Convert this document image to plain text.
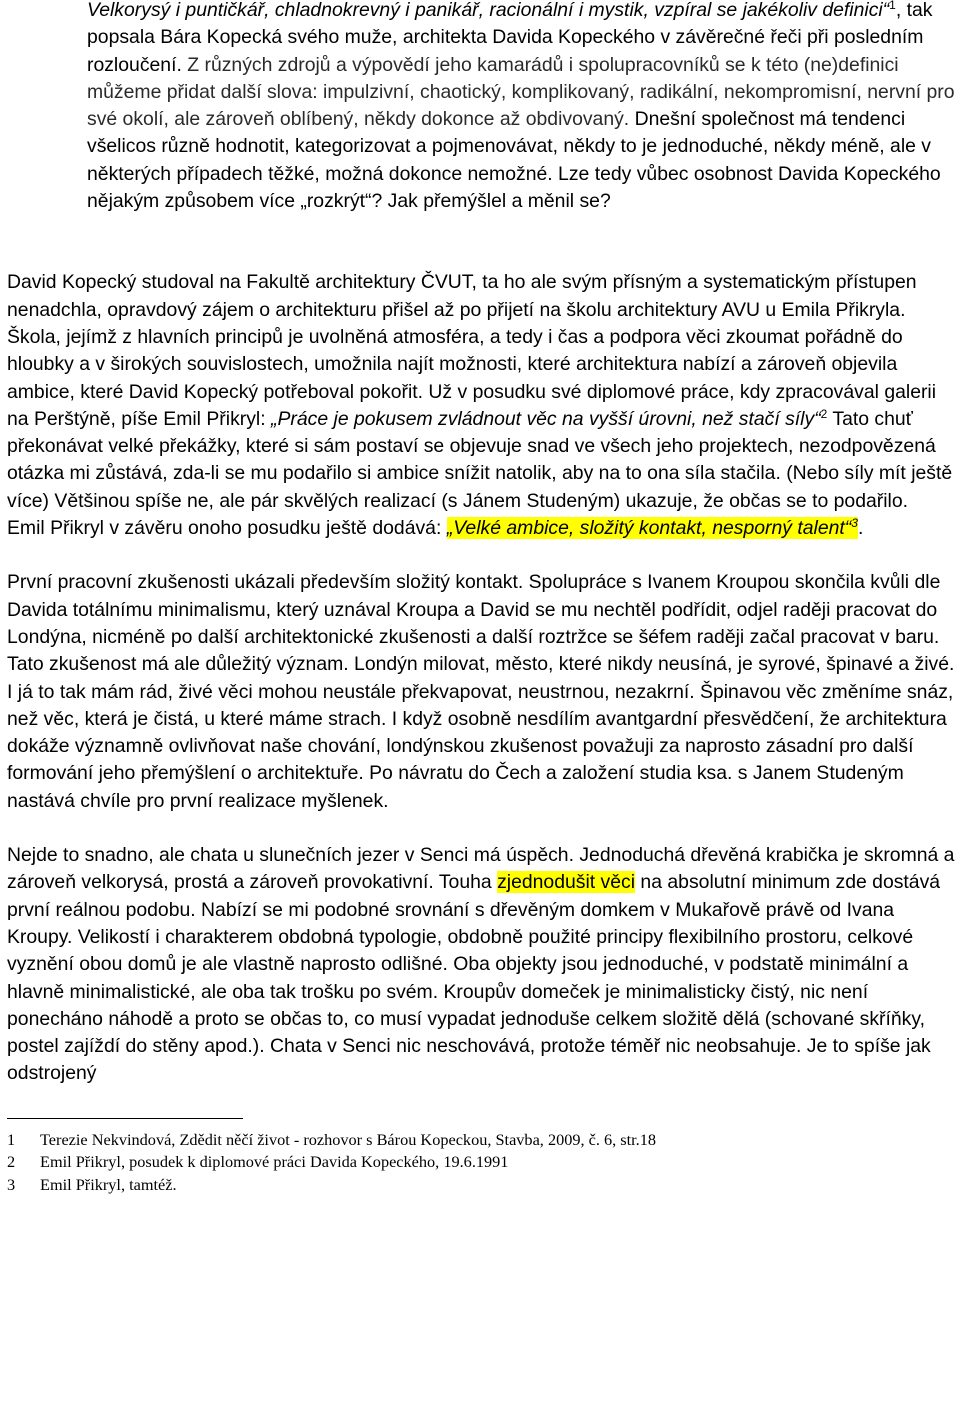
Velkorysý i puntičkář, chladnokrevný i panikář, racionální i mystik, vzpíral se jakékoliv definici“$^1$, tak popsala Bára Kopecká svého muže, architekta Davida Kopeckého v závěrečné řeči při posledním rozloučení. Z různých zdrojů a výpovědí jeho kamarádů i spolupracovníků se k této (ne)definici můžeme přidat další slova: impulzivní, chaotický, komplikovaný, radikální, nekompromisní, nervní pro své okolí, ale zároveň oblíbený, někdy dokonce až obdivovaný. Dnešní společnost má tendenci všelicos různě hodnotit, kategorizovat a pojmenovávat, někdy to je jednoduché, někdy méně, ale v některých případech těžké, možná dokonce nemožné. Lze tedy vůbec osobnost Davida Kopeckého nějakým způsobem více „rozkrýt“? Jak přemýšlel a měnil se?

David Kopecký studoval na Fakultě architektury ČVUT, ta ho ale svým přísným a systematickým přístupen nenadchla, opravdový zájem o architekturu přišel až po přijetí na školu architektury AVU u Emila Přikryla. Škola, jejímž z hlavních principů je uvolněná atmosféra, a tedy i čas a podpora věci zkoumat pořádně do hloubky a v širokých souvislostech, umožnila najít možnosti, které architektura nabízí a zároveň objevila ambice, které David Kopecký potřeboval pokořit. Už v posudku své diplomové práce, kdy zpracovával galerii na Perštýně, píše Emil Přikryl: „Práce je pokusem zvládnout věc na vyšší úrovni, než stačí síly“$^2$ Tato chuť překonávat velké překážky, které si sám postaví se objevuje snad ve všech jeho projektech, nezodpovězená otázka mi zůstává, zda-li se mu podařilo si ambice snížit natolik, aby na to ona síla stačila. (Nebo síly mít ještě více) Většinou spíše ne, ale pár skvělých realizací (s Jánem Studeným) ukazuje, že občas se to podařilo.

Emil Přikryl v závěru onoho posudku ještě dodává: „Velké ambice, složitý kontakt, nesporný talent“$^3$.

První pracovní zkušenosti ukázali především složitý kontakt. Spolupráce s Ivanem Kroupou skončila kvůli dle Davida totálnímu minimalismu, který uznával Kroupa a David se mu nechtěl podřídit, odjel raději pracovat do Londýna, nicméně po další architektonické zkušenosti a další roztržce se šéfem raději začal pracovat v baru. Tato zkušenost má ale důležitý význam. Londýn milovat, město, které nikdy neusíná, je syrové, špinavé a živé. I já to tak mám rád, živé věci mohou neustále překvapovat, neustrnou, nezakrní. Špinavou věc změníme snáz, než věc, která je čistá, u které máme strach. I když osobně nesdílím avantgardní přesvědčení, že architektura dokáže významně ovlivňovat naše chování, londýnskou zkušenost považuji za naprosto zásadní pro další formování jeho přemýšlení o architektuře. Po návratu do Čech a založení studia ksa. s Janem Studeným nastává chvíle pro první realizace myšlenek.

Nejde to snadno, ale chata u slunečních jezer v Senci má úspěch. Jednoduchá dřevěná krabička je skromná a zároveň velkorysá, prostá a zároveň provokativní. Touha zjednodušit věci na absolutní minimum zde dostává první reálnou podobu. Nabízí se mi podobné srovnání s dřevěným domkem v Mukařově právě od Ivana Kroupy. Velikostí i charakterem obdobná typologie, obdobně použité principy flexibilního prostoru, celkové vyznění obou domů je ale vlastně naprosto odlišné. Oba objekty jsou jednoduché, v podstatě minimální a hlavně minimalistické, ale oba tak trošku po svém. Kroupův domeček je minimalisticky čistý, nic není ponecháno náhodě a proto se občas to, co musí vypadat jednoduše celkem složitě dělá (schované skříňky, postel zajíždí do stěny apod.). Chata v Senci nic neschovává, protože téměř nic neobsahuje. Je to spíše jak odstrojený

1 Terezie Nekvindová, Zdědit něčí život - rozhovor s Bárou Kopeckou, Stavba, 2009, č. 6, str.18
2 Emil Přikryl, posudek k diplomové práci Davida Kopeckého, 19.6.1991
3 Emil Přikryl, tamtéž.
